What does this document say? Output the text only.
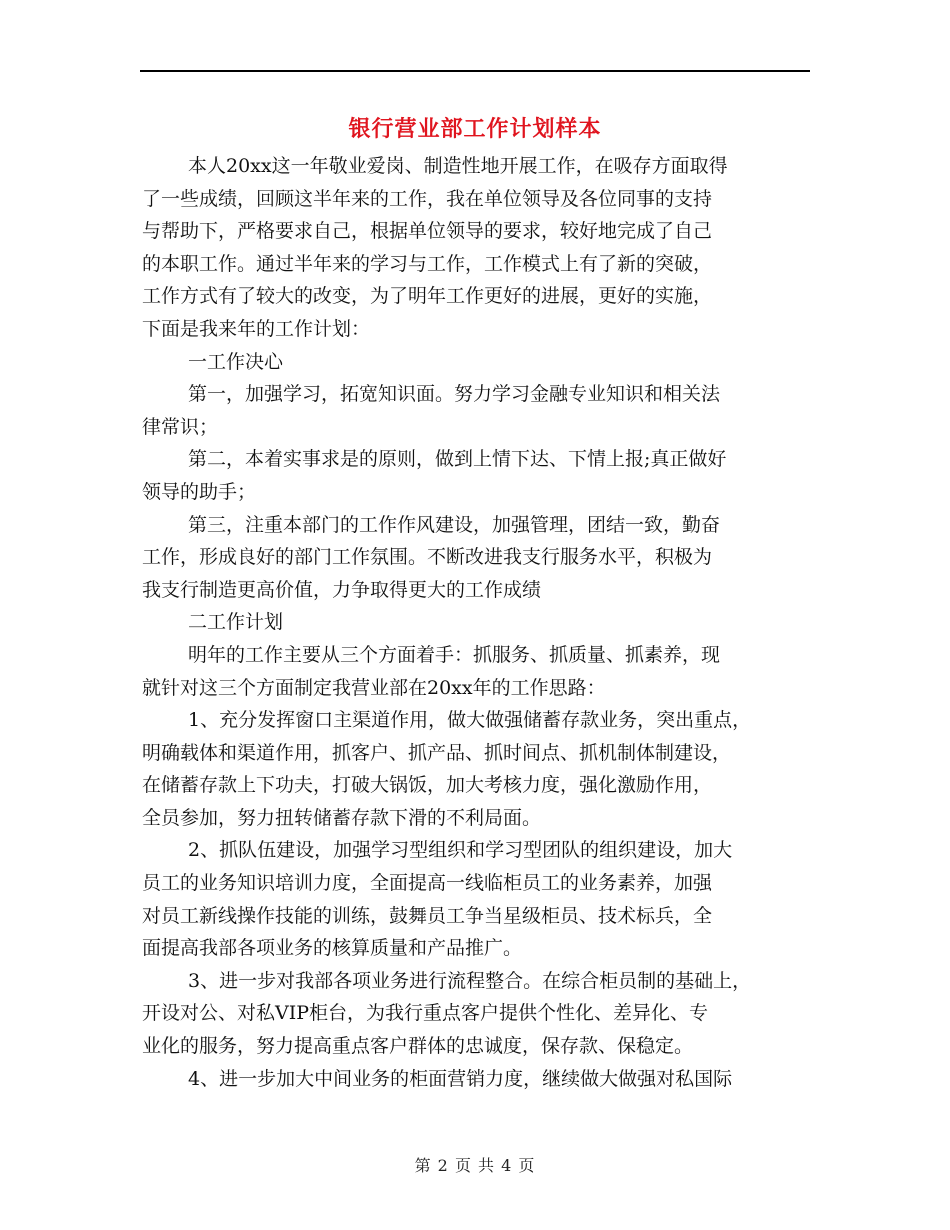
银行营业部工作计划样本
本人20xx这一年敬业爱岗、制造性地开展工作，在吸存方面取得
了一些成绩，回顾这半年来的工作，我在单位领导及各位同事的支持
与帮助下，严格要求自己，根据单位领导的要求，较好地完成了自己
的本职工作。通过半年来的学习与工作，工作模式上有了新的突破，
工作方式有了较大的改变，为了明年工作更好的进展，更好的实施，
下面是我来年的工作计划：
一工作决心
第一，加强学习，拓宽知识面。努力学习金融专业知识和相关法
律常识；
第二，本着实事求是的原则，做到上情下达、下情上报;真正做好
领导的助手；
第三，注重本部门的工作作风建设，加强管理，团结一致，勤奋
工作，形成良好的部门工作氛围。不断改进我支行服务水平，积极为
我支行制造更高价值，力争取得更大的工作成绩
二工作计划
明年的工作主要从三个方面着手：抓服务、抓质量、抓素养，现
就针对这三个方面制定我营业部在20xx年的工作思路：
1、充分发挥窗口主渠道作用，做大做强储蓄存款业务，突出重点，
明确载体和渠道作用，抓客户、抓产品、抓时间点、抓机制体制建设，
在储蓄存款上下功夫，打破大锅饭，加大考核力度，强化激励作用，
全员参加，努力扭转储蓄存款下滑的不利局面。
2、抓队伍建设，加强学习型组织和学习型团队的组织建设，加大
员工的业务知识培训力度，全面提高一线临柜员工的业务素养，加强
对员工新线操作技能的训练，鼓舞员工争当星级柜员、技术标兵，全
面提高我部各项业务的核算质量和产品推广。
3、进一步对我部各项业务进行流程整合。在综合柜员制的基础上，
开设对公、对私VIP柜台，为我行重点客户提供个性化、差异化、专
业化的服务，努力提高重点客户群体的忠诚度，保存款、保稳定。
4、进一步加大中间业务的柜面营销力度，继续做大做强对私国际
第 2 页 共 4 页
